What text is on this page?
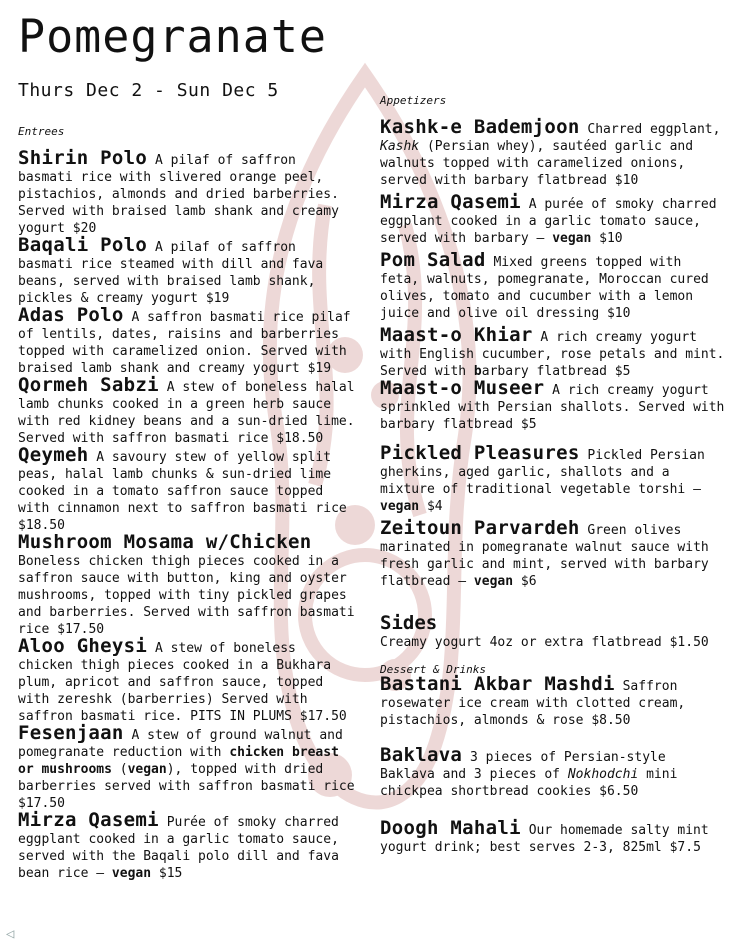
Pomegranate
Thurs Dec 2 - Sun Dec 5
Entrees

Shirin Polo A pilaf of saffron basmati rice with slivered orange peel, pistachios, almonds and dried barberries. Served with braised lamb shank and creamy yogurt $20

Baqali Polo A pilaf of saffron basmati rice steamed with dill and fava beans, served with braised lamb shank, pickles & creamy yogurt $19

Adas Polo A saffron basmati rice pilaf of lentils, dates, raisins and barberries topped with caramelized onion. Served with braised lamb shank and creamy yogurt $19

Qormeh Sabzi A stew of boneless halal lamb chunks cooked in a green herb sauce with red kidney beans and a sun-dried lime. Served with saffron basmati rice $18.50

Qeymeh A savoury stew of yellow split peas, halal lamb chunks & sun-dried lime cooked in a tomato saffron sauce topped with cinnamon next to saffron basmati rice $18.50

Mushroom Mosama w/Chicken Boneless chicken thigh pieces cooked in a saffron sauce with button, king and oyster mushrooms, topped with tiny pickled grapes and barberries. Served with saffron basmati rice $17.50

Aloo Gheysi A stew of boneless chicken thigh pieces cooked in a Bukhara plum, apricot and saffron sauce, topped with zereshk (barberries) Served with saffron basmati rice. PITS IN PLUMS $17.50

Fesenjaan A stew of ground walnut and pomegranate reduction with chicken breast or mushrooms (vegan), topped with dried barberries served with saffron basmati rice $17.50

Mirza Qasemi Purée of smoky charred eggplant cooked in a garlic tomato sauce, served with the Baqali polo dill and fava bean rice – vegan $15

Appetizers

Kashk-e Bademjoon Charred eggplant, Kashk (Persian whey), sautéed garlic and walnuts topped with caramelized onions, served with barbary flatbread $10

Mirza Qasemi A purée of smoky charred eggplant cooked in a garlic tomato sauce, served with barbary – vegan $10

Pom Salad Mixed greens topped with feta, walnuts, pomegranate, Moroccan cured olives, tomato and cucumber with a lemon juice and olive oil dressing $10

Maast-o Khiar A rich creamy yogurt with English cucumber, rose petals and mint. Served with barbary flatbread $5

Maast-o Museer A rich creamy yogurt sprinkled with Persian shallots. Served with barbary flatbread $5

Pickled Pleasures Pickled Persian gherkins, aged garlic, shallots and a mixture of traditional vegetable torshi – vegan $4

Zeitoun Parvardeh Green olives marinated in pomegranate walnut sauce with fresh garlic and mint, served with barbary flatbread – vegan $6

Sides

Creamy yogurt 4oz or extra flatbread $1.50

Dessert & Drinks

Bastani Akbar Mashdi Saffron rosewater ice cream with clotted cream, pistachios, almonds & rose $8.50

Baklava 3 pieces of Persian-style Baklava and 3 pieces of Nokhodchi mini chickpea shortbread cookies $6.50

Doogh Mahali Our homemade salty mint yogurt drink; best serves 2-3, 825ml $7.5

◁
